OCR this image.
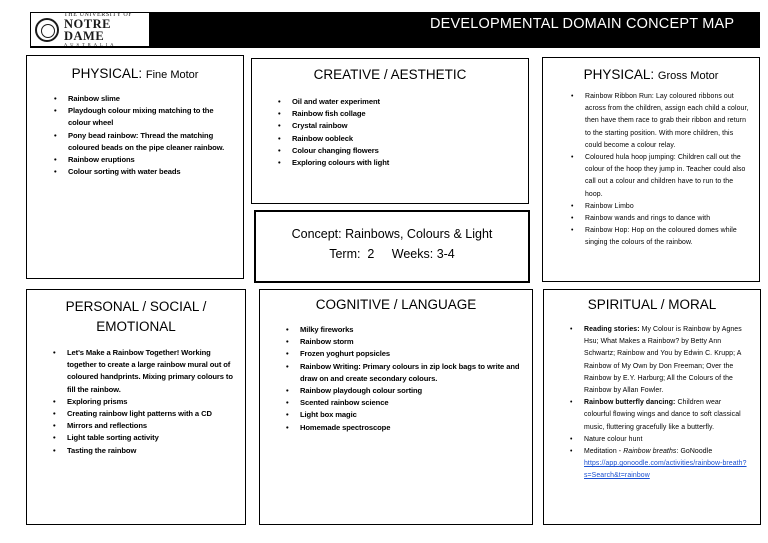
THE UNIVERSITY OF
NOTRE DAME
AUSTRALIA
DEVELOPMENTAL DOMAIN CONCEPT MAP
PHYSICAL: Fine Motor
• Rainbow slime
• Playdough colour mixing matching to the colour wheel
• Pony bead rainbow: Thread the matching coloured beads on the pipe cleaner rainbow.
• Rainbow eruptions
• Colour sorting with water beads
CREATIVE / AESTHETIC
• Oil and water experiment
• Rainbow fish collage
• Crystal rainbow
• Rainbow oobleck
• Colour changing flowers
• Exploring colours with light
Concept: Rainbows, Colours & Light
Term: 2 Weeks: 3-4
PHYSICAL: Gross Motor
• Rainbow Ribbon Run: Lay coloured ribbons out across from the children, assign each child a colour, then have them race to grab their ribbon and return to the starting position. With more children, this could become a colour relay.
• Coloured hula hoop jumping: Children call out the colour of the hoop they jump in. Teacher could also call out a colour and children have to run to the hoop.
• Rainbow Limbo
• Rainbow wands and rings to dance with
• Rainbow Hop: Hop on the coloured domes while singing the colours of the rainbow.
PERSONAL / SOCIAL /
EMOTIONAL
• Let's Make a Rainbow Together! Working together to create a large rainbow mural out of coloured handprints. Mixing primary colours to fill the rainbow.
• Exploring prisms
• Creating rainbow light patterns with a CD
• Mirrors and reflections
• Light table sorting activity
• Tasting the rainbow
COGNITIVE / LANGUAGE
• Milky fireworks
• Rainbow storm
• Frozen yoghurt popsicles
• Rainbow Writing: Primary colours in zip lock bags to write and draw on and create secondary colours.
• Rainbow playdough colour sorting
• Scented rainbow science
• Light box magic
• Homemade spectroscope
SPIRITUAL / MORAL
• Reading stories: My Colour is Rainbow by Agnes Hsu; What Makes a Rainbow? by Betty Ann Schwartz; Rainbow and You by Edwin C. Krupp; A Rainbow of My Own by Don Freeman; Over the Rainbow by E.Y. Harburg; All the Colours of the Rainbow by Allan Fowler.
• Rainbow butterfly dancing: Children wear colourful flowing wings and dance to soft classical music, fluttering gracefully like a butterfly.
• Nature colour hunt
• Meditation - Rainbow breaths: GoNoodle
https://app.gonoodle.com/activities/rainbow-breath?s=Search&t=rainbow
